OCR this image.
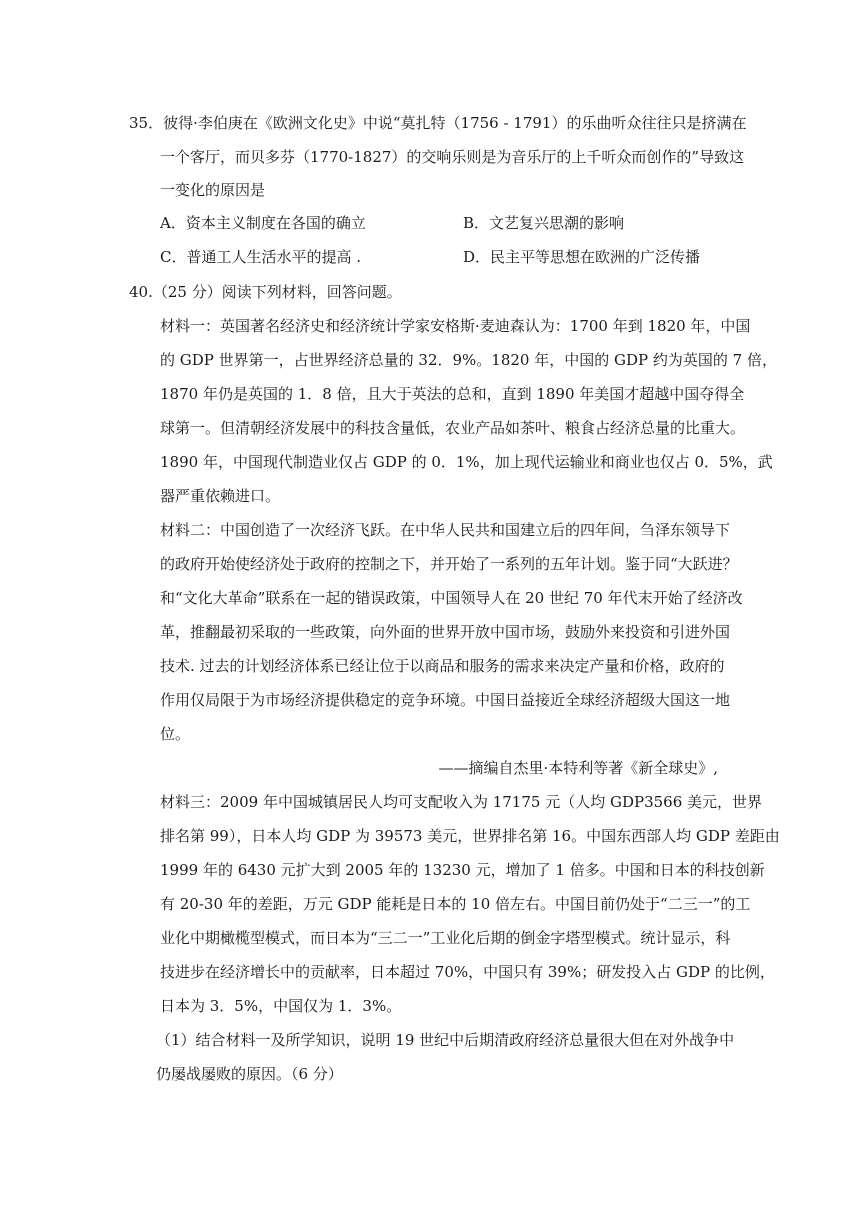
35．彼得·李伯庚在《欧洲文化史》中说“莫扎特（1756 - 1791）的乐曲听众往往只是挤满在
一个客厅，而贝多芬（1770-1827）的交响乐则是为音乐厅的上千听众而创作的”导致这
一变化的原因是
A．资本主义制度在各国的确立	B．文艺复兴思潮的影响
C．普通工人生活水平的提高 .	D．民主平等思想在欧洲的广泛传播
40.（25 分）阅读下列材料，回答问题。
材料一：英国著名经济史和经济统计学家安格斯·麦迪森认为：1700 年到 1820 年，中国
的 GDP 世界第一，占世界经济总量的 32．9%。1820 年，中国的 GDP 约为英国的 7 倍，
1870 年仍是英国的 1．8 倍，且大于英法的总和，直到 1890 年美国才超越中国夺得全
球第一。但清朝经济发展中的科技含量低，农业产品如茶叶、粮食占经济总量的比重大。
1890 年，中国现代制造业仅占 GDP 的 0．1%，加上现代运输业和商业也仅占 0．5%，武
器严重依赖进口。
材料二：中国创造了一次经济飞跃。在中华人民共和国建立后的四年间，刍泽东领导下
的政府开始使经济处于政府的控制之下，并开始了一系列的五年计划。鉴于同“大跃进？
和“文化大革命”联系在一起的错误政策，中国领导人在 20 世纪 70 年代末开始了经济改
革，推翻最初采取的一些政策，向外面的世界开放中国市场，鼓励外来投资和引进外国
技术. 过去的计划经济体系已经让位于以商品和服务的需求来决定产量和价格，政府的
作用仅局限于为市场经济提供稳定的竞争环境。中国日益接近全球经济超级大国这一地
位。
——摘编自杰里·本特利等著《新全球史》,
材料三：2009 年中国城镇居民人均可支配收入为 17175 元（人均 GDP3566 美元，世界
排名第 99），日本人均 GDP 为 39573 美元，世界排名第 16。中国东西部人均 GDP 差距由
1999 年的 6430 元扩大到 2005 年的 13230 元，增加了 1 倍多。中国和日本的科技创新
有 20-30 年的差距，万元 GDP 能耗是日本的 10 倍左右。中国目前仍处于“二三一”的工
业化中期橄榄型模式，而日本为“三二一”工业化后期的倒金字塔型模式。统计显示，科
技进步在经济增长中的贡献率，日本超过 70%，中国只有 39%；研发投入占 GDP 的比例，
日本为 3．5%，中国仅为 1．3%。
（1）结合材料一及所学知识，说明 19 世纪中后期清政府经济总量很大但在对外战争中
仍屡战屡败的原因。（6 分）
